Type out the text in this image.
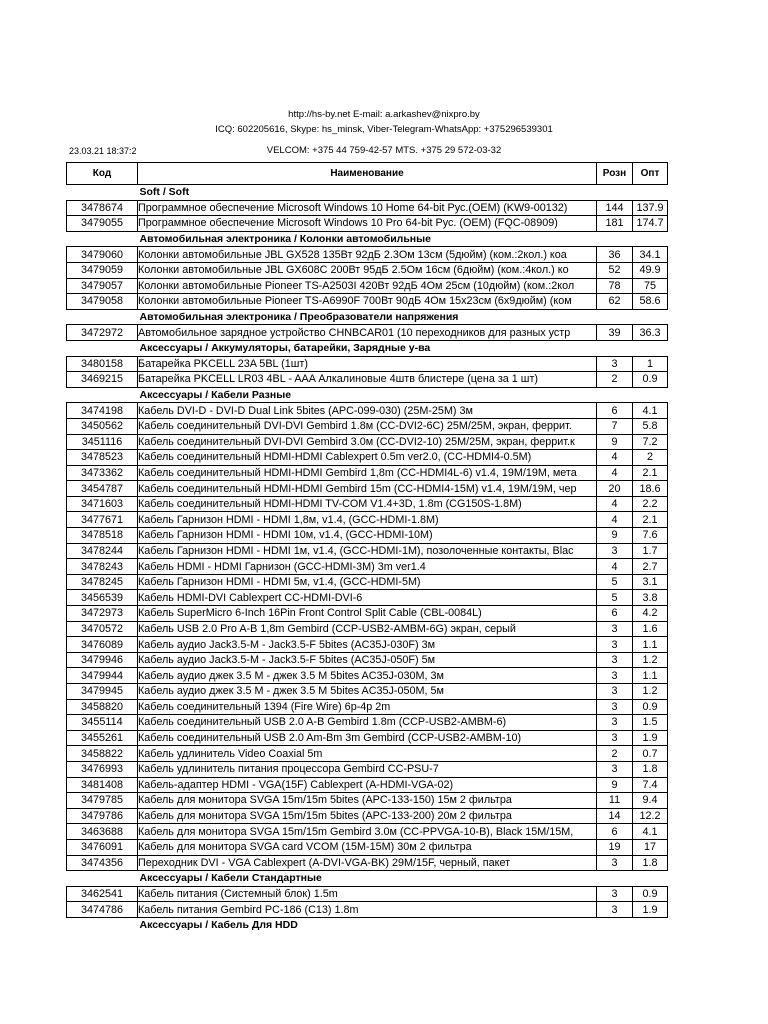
http://hs-by.net E-mail: a.arkashev@nixpro.by
ICQ: 602205616, Skype: hs_minsk, Viber-Telegram-WhatsApp: +375296539301
23.03.21 18:37:2	VELCOM: +375 44 759-42-57 MTS. +375 29 572-03-32
Код	Наименование	Розн	Опт
	Soft / Soft		
3478674	Программное обеспечение Microsoft Windows 10 Home 64-bit Рус.(OEM) (KW9-00132)	144	137.9
3479055	Программное обеспечение Microsoft Windows 10 Pro 64-bit Рус. (OEM) (FQC-08909)	181	174.7
	Автомобильная электроника / Колонки автомобильные		
3479060	Колонки автомобильные JBL GX528 135Вт 92дБ 2.3Ом 13см (5дюйм) (ком.:2кол.) коа	36	34.1
3479059	Колонки автомобильные JBL GX608C 200Вт 95дБ 2.5Ом 16см (6дюйм) (ком.:4кол.) ко	52	49.9
3479057	Колонки автомобильные Pioneer TS-A2503I 420Вт 92дБ 4Ом 25см (10дюйм) (ком.:2кол	78	75
3479058	Колонки автомобильные Pioneer TS-A6990F 700Вт 90дБ 4Ом 15x23см (6x9дюйм) (ком	62	58.6
	Автомобильная электроника / Преобразователи напряжения		
3472972	Автомобильное зарядное устройство CHNBCAR01 (10 переходников для разных устр	39	36.3
	Аксессуары / Аккумуляторы, батарейки, Зарядные у-ва		
3480158	Батарейка PKCELL 23A 5BL (1шт)	3	1
3469215	Батарейка PKCELL LR03 4BL - AAA Алкалиновые 4штв блистере (цена за 1 шт)	2	0.9
	Аксессуары / Кабели Разные		
3474198	Кабель DVI-D - DVI-D Dual Link 5bites (APC-099-030) (25M-25M) 3м	6	4.1
3450562	Кабель соединительный DVI-DVI Gembird 1.8м (CC-DVI2-6C) 25M/25M, экран, феррит.	7	5.8
3451116	Кабель соединительный DVI-DVI Gembird 3.0м (CC-DVI2-10) 25M/25M, экран, феррит.к	9	7.2
3478523	Кабель соединительный HDMI-HDMI Cablexpert 0.5m ver2.0, (CC-HDMI4-0.5M)	4	2
3473362	Кабель соединительный HDMI-HDMI Gembird 1,8m (CC-HDMI4L-6) v1.4, 19M/19M, мета	4	2.1
3454787	Кабель соединительный HDMI-HDMI Gembird 15m (CC-HDMI4-15M) v1.4, 19M/19M, чер	20	18.6
3471603	Кабель соединительный HDMI-HDMI TV-COM V1.4+3D, 1.8m (CG150S-1.8M)	4	2.2
3477671	Кабель Гарнизон HDMI - HDMI 1,8м, v1.4, (GCC-HDMI-1.8M)	4	2.1
3478518	Кабель Гарнизон HDMI - HDMI 10м, v1.4, (GCC-HDMI-10M)	9	7.6
3478244	Кабель Гарнизон HDMI - HDMI 1м, v1.4, (GCC-HDMI-1M), позолоченные контакты, Blac	3	1.7
3478243	Кабель HDMI - HDMI Гарнизон (GCC-HDMI-3M) 3m ver1.4	4	2.7
3478245	Кабель Гарнизон HDMI - HDMI 5м, v1.4, (GCC-HDMI-5M)	5	3.1
3456539	Кабель HDMI-DVI Cablexpert CC-HDMI-DVI-6	5	3.8
3472973	Кабель SuperMicro 6-Inch 16Pin Front Control Split Cable (CBL-0084L)	6	4.2
3470572	Кабель USB 2.0 Pro A-B 1,8m Gembird (CCP-USB2-AMBM-6G) экран, серый	3	1.6
3476089	Кабель аудио Jack3.5-M - Jack3.5-F 5bites (AC35J-030F) 3м	3	1.1
3479946	Кабель аудио Jack3.5-M - Jack3.5-F 5bites (AC35J-050F) 5м	3	1.2
3479944	Кабель аудио джек 3.5 М - джек 3.5 М 5bites AC35J-030M, 3м	3	1.1
3479945	Кабель аудио джек 3.5 М - джек 3.5 М 5bites AC35J-050M, 5м	3	1.2
3458820	Кабель соединительный 1394 (Fire Wire) 6p-4p 2m	3	0.9
3455114	Кабель соединительный USB 2.0 A-B Gembird 1.8m (CCP-USB2-AMBM-6)	3	1.5
3455261	Кабель соединительный USB 2.0 Am-Bm 3m Gembird (CCP-USB2-AMBM-10)	3	1.9
3458822	Кабель удлинитель Video Coaxial 5m	2	0.7
3476993	Кабель удлинитель питания процессора Gembird CC-PSU-7	3	1.8
3481408	Кабель-адаптер HDMI - VGA(15F) Cablexpert (A-HDMI-VGA-02)	9	7.4
3479785	Кабель для монитора SVGA 15m/15m 5bites (APC-133-150) 15м 2 фильтра	11	9.4
3479786	Кабель для монитора SVGA 15m/15m 5bites (APC-133-200) 20м 2 фильтра	14	12.2
3463688	Кабель для монитора SVGA 15m/15m Gembird 3.0м (CC-PPVGA-10-B), Black 15M/15M,	6	4.1
3476091	Кабель для монитора SVGA card VCOM (15M-15M) 30м 2 фильтра	19	17
3474356	Переходник DVI - VGA Cablexpert (A-DVI-VGA-BK) 29M/15F, черный, пакет	3	1.8
	Аксессуары / Кабели Стандартные		
3462541	Кабель питания (Системный блок) 1.5m	3	0.9
3474786	Кабель питания Gembird PC-186 (C13) 1.8m	3	1.9
	Аксессуары / Кабель Для HDD		
